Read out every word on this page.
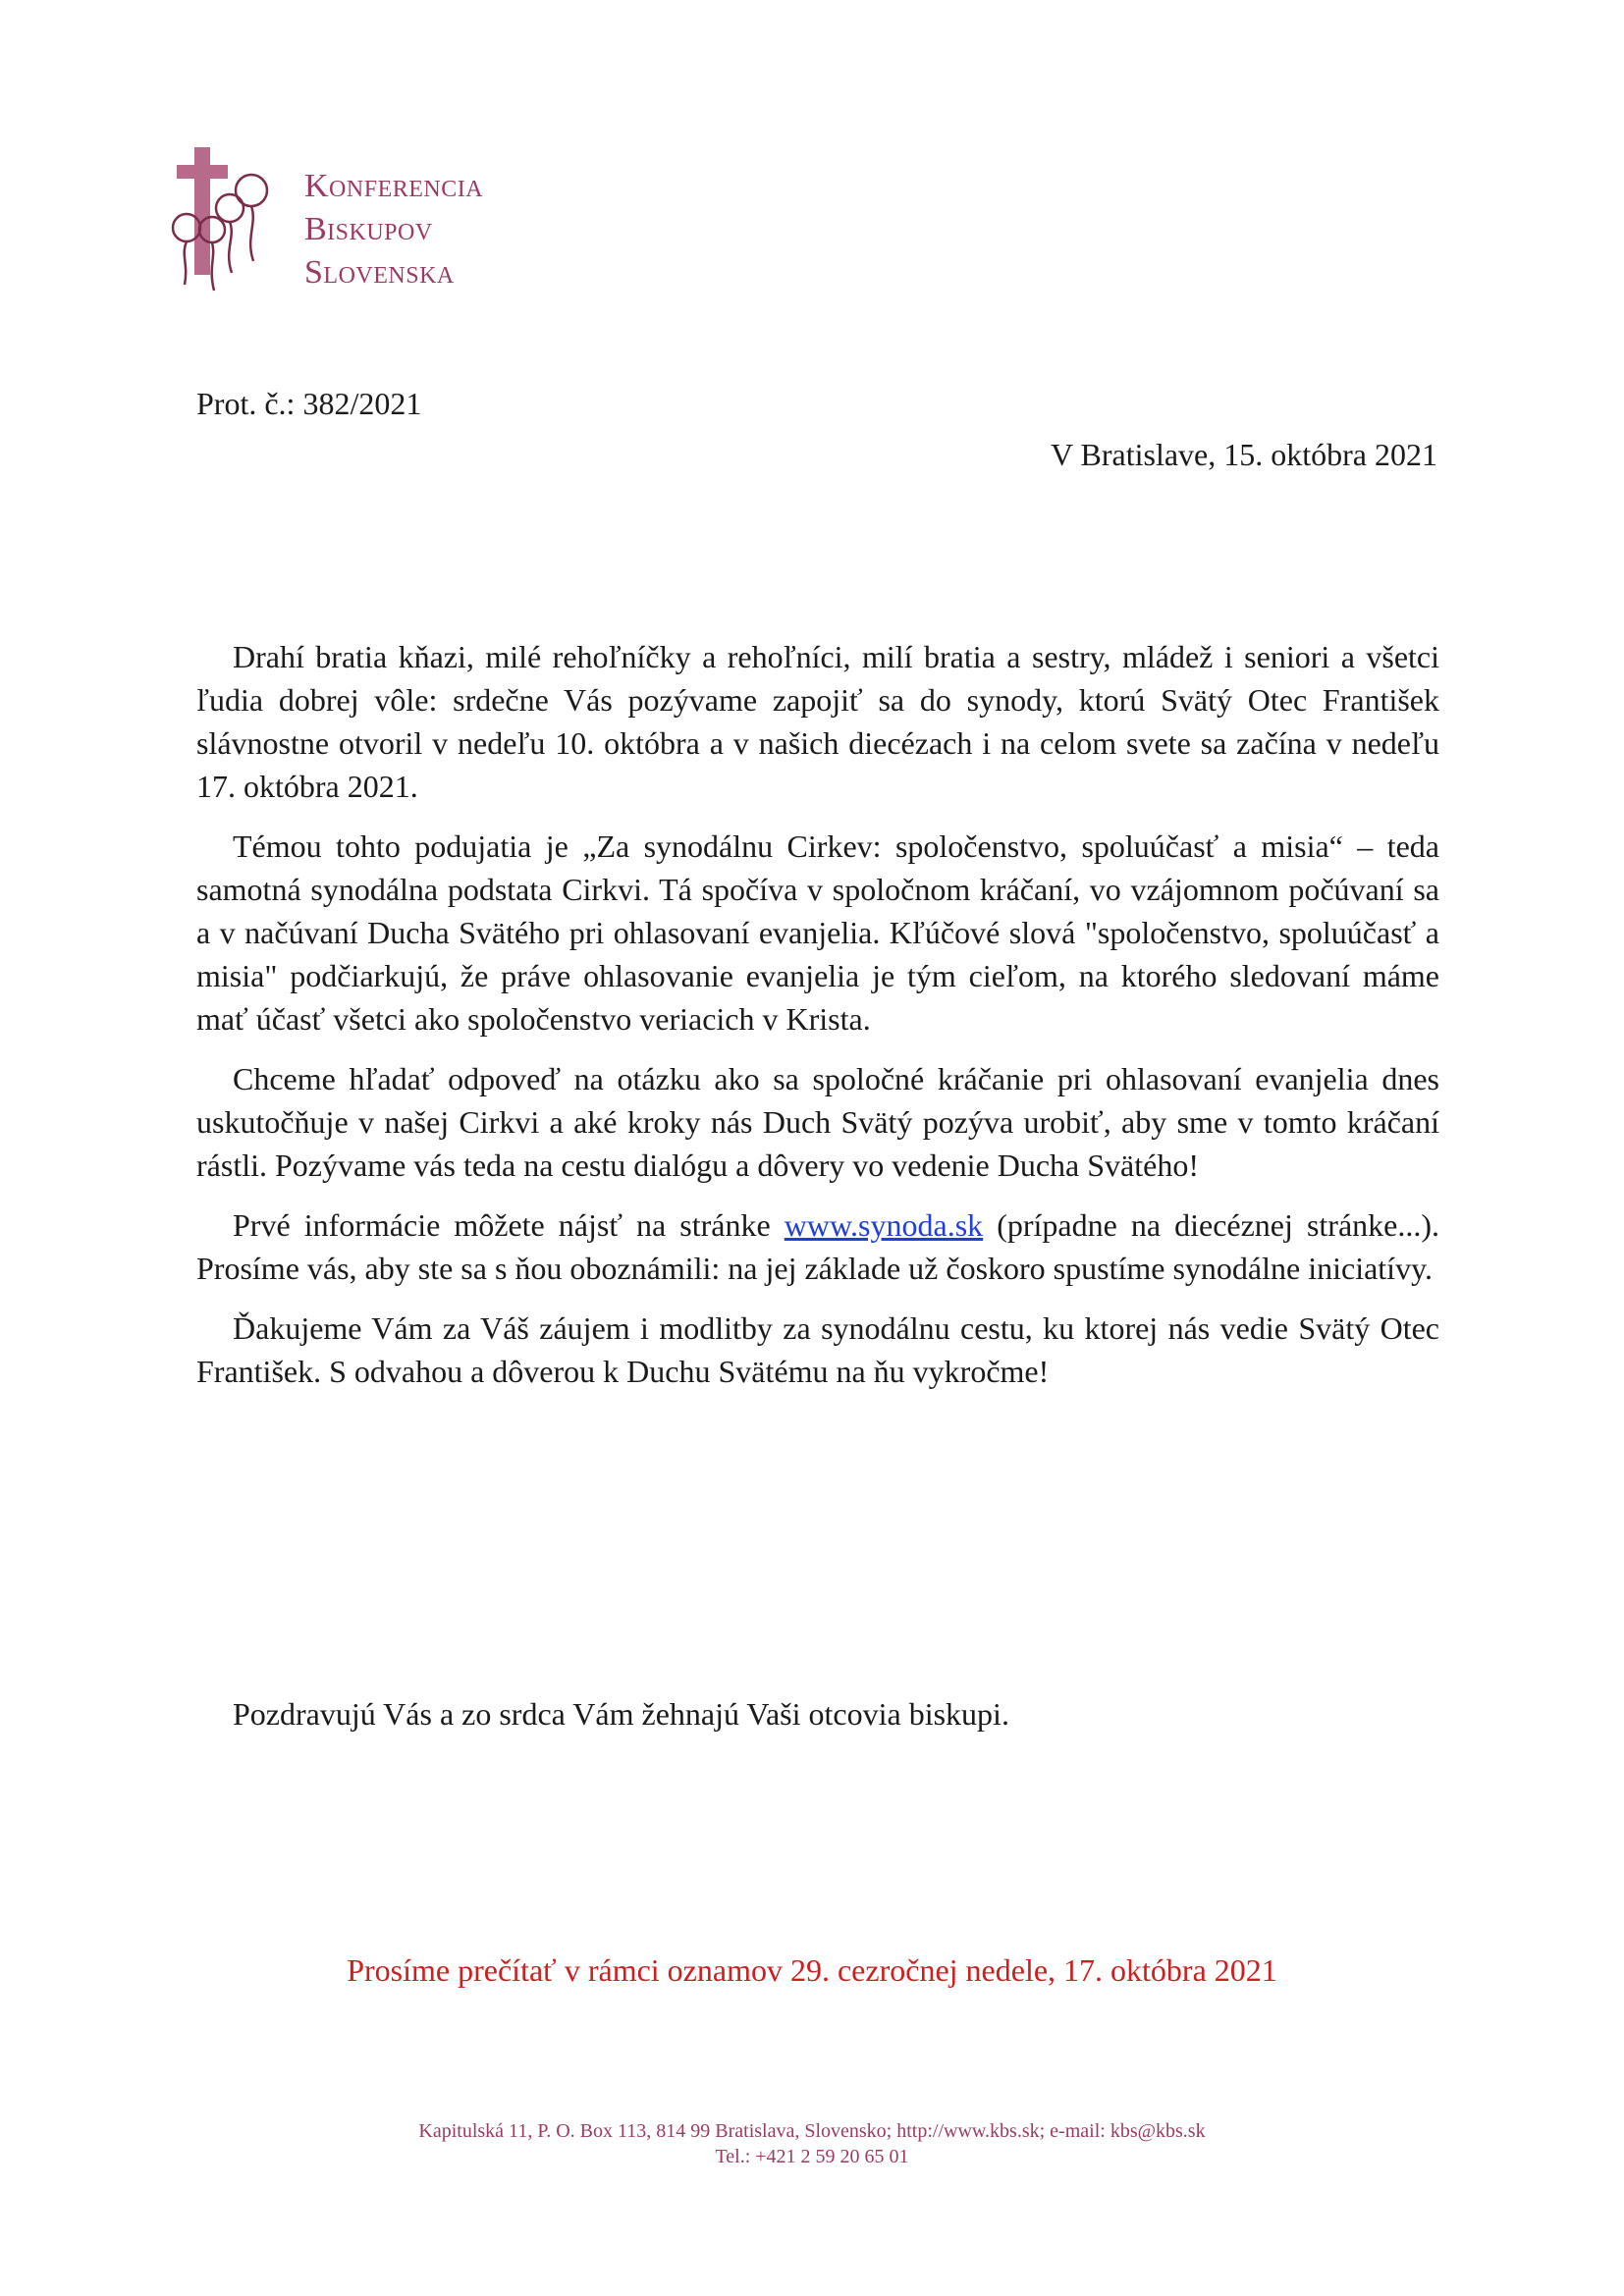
Konferencia
Biskupov
Slovenska
Prot. č.: 382/2021
V Bratislave, 15. októbra 2021

Drahí bratia kňazi, milé rehoľníčky a rehoľníci, milí bratia a sestry, mládež i seniori a všetci ľudia dobrej vôle: srdečne Vás pozývame zapojiť sa do synody, ktorú Svätý Otec František slávnostne otvoril v nedeľu 10. októbra a v našich diecézach i na celom svete sa začína v nedeľu 17. októbra 2021.

Témou tohto podujatia je „Za synodálnu Cirkev: spoločenstvo, spoluúčasť a misia“ – teda samotná synodálna podstata Cirkvi. Tá spočíva v spoločnom kráčaní, vo vzájomnom počúvaní sa a v načúvaní Ducha Svätého pri ohlasovaní evanjelia. Kľúčové slová "spoločenstvo, spoluúčasť a misia" podčiarkujú, že práve ohlasovanie evanjelia je tým cieľom, na ktorého sledovaní máme mať účasť všetci ako spoločenstvo veriacich v Krista.

Chceme hľadať odpoveď na otázku ako sa spoločné kráčanie pri ohlasovaní evanjelia dnes uskutočňuje v našej Cirkvi a aké kroky nás Duch Svätý pozýva urobiť, aby sme v tomto kráčaní rástli. Pozývame vás teda na cestu dialógu a dôvery vo vedenie Ducha Svätého!

Prvé informácie môžete nájsť na stránke www.synoda.sk (prípadne na diecéznej stránke...). Prosíme vás, aby ste sa s ňou oboznámili: na jej základe už čoskoro spustíme synodálne iniciatívy.

Ďakujeme Vám za Váš záujem i modlitby za synodálnu cestu, ku ktorej nás vedie Svätý Otec František. S odvahou a dôverou k Duchu Svätému na ňu vykročme!

Pozdravujú Vás a zo srdca Vám žehnajú Vaši otcovia biskupi.
Prosíme prečítať v rámci oznamov 29. cezročnej nedele, 17. októbra 2021
Kapitulská 11, P. O. Box 113, 814 99 Bratislava, Slovensko; http://www.kbs.sk; e-mail: kbs@kbs.sk
Tel.: +421 2 59 20 65 01
